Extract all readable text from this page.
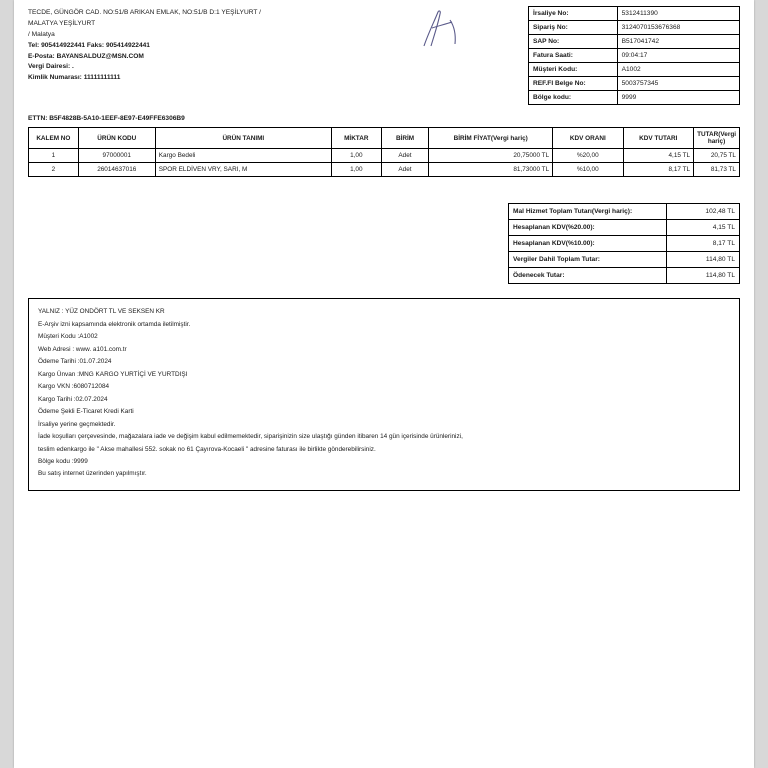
TECDE, GÜNGÖR CAD. NO:51/B ARIKAN EMLAK, NO:51/B D:1 YEŞİLYURT /
MALATYA YEŞİLYURT
/ Malatya
Tel: 905414922441 Faks: 905414922441
E-Posta: BAYANSALDUZ@MSN.COM
Vergi Dairesi: .
Kimlik Numarası: 11111111111
İrsaliye No:	5312411390
Sipariş No:	3124070153676368
SAP No:	B517041742
Fatura Saati:	09:04:17
Müşteri Kodu:	A1002
REF.FI Belge No:	5003757345
Bölge kodu:	9999
ETTN: B5F4828B-5A10-1EEF-8E97-E49FFE6306B9
KALEM NO	ÜRÜN KODU	ÜRÜN TANIMI	MİKTAR	BİRİM	BİRİM FİYAT(Vergi hariç)	KDV ORANI	KDV TUTARI	TUTAR(Vergi hariç)
1	97000001	Kargo Bedeli	1,00	Adet	20,75000 TL	%20,00	4,15 TL	20,75 TL
2	26014637016	SPOR ELDİVEN VRY, SARI, M	1,00	Adet	81,73000 TL	%10,00	8,17 TL	81,73 TL
Mal Hizmet Toplam Tutarı(Vergi hariç):	102,48 TL
Hesaplanan KDV(%20.00):	4,15 TL
Hesaplanan KDV(%10.00):	8,17 TL
Vergiler Dahil Toplam Tutar:	114,80 TL
Ödenecek Tutar:	114,80 TL
YALNIZ : YÜZ ONDÖRT TL VE SEKSEN KR
E-Arşiv izni kapsamında elektronik ortamda iletilmiştir.
Müşteri Kodu :A1002
Web Adresi : www. a101.com.tr
Ödeme Tarihi :01.07.2024
Kargo Ünvan :MNG KARGO YURTİÇİ VE YURTDIŞI
Kargo VKN :6080712084
Kargo Tarihi :02.07.2024
Ödeme Şekli E-Ticaret Kredi Karti
İrsaliye yerine geçmektedir.
İade koşulları çerçevesinde, mağazalara iade ve değişim kabul edilmemektedir, siparişinizin size ulaştığı günden itibaren 14 gün içerisinde ürünlerinizi,
teslim edenkargo ile " Akse mahallesi 552. sokak no 61 Çayırova-Kocaeli " adresine faturası ile birlikte gönderebilirsiniz.
Bölge kodu :9999
Bu satış internet üzerinden yapılmıştır.
